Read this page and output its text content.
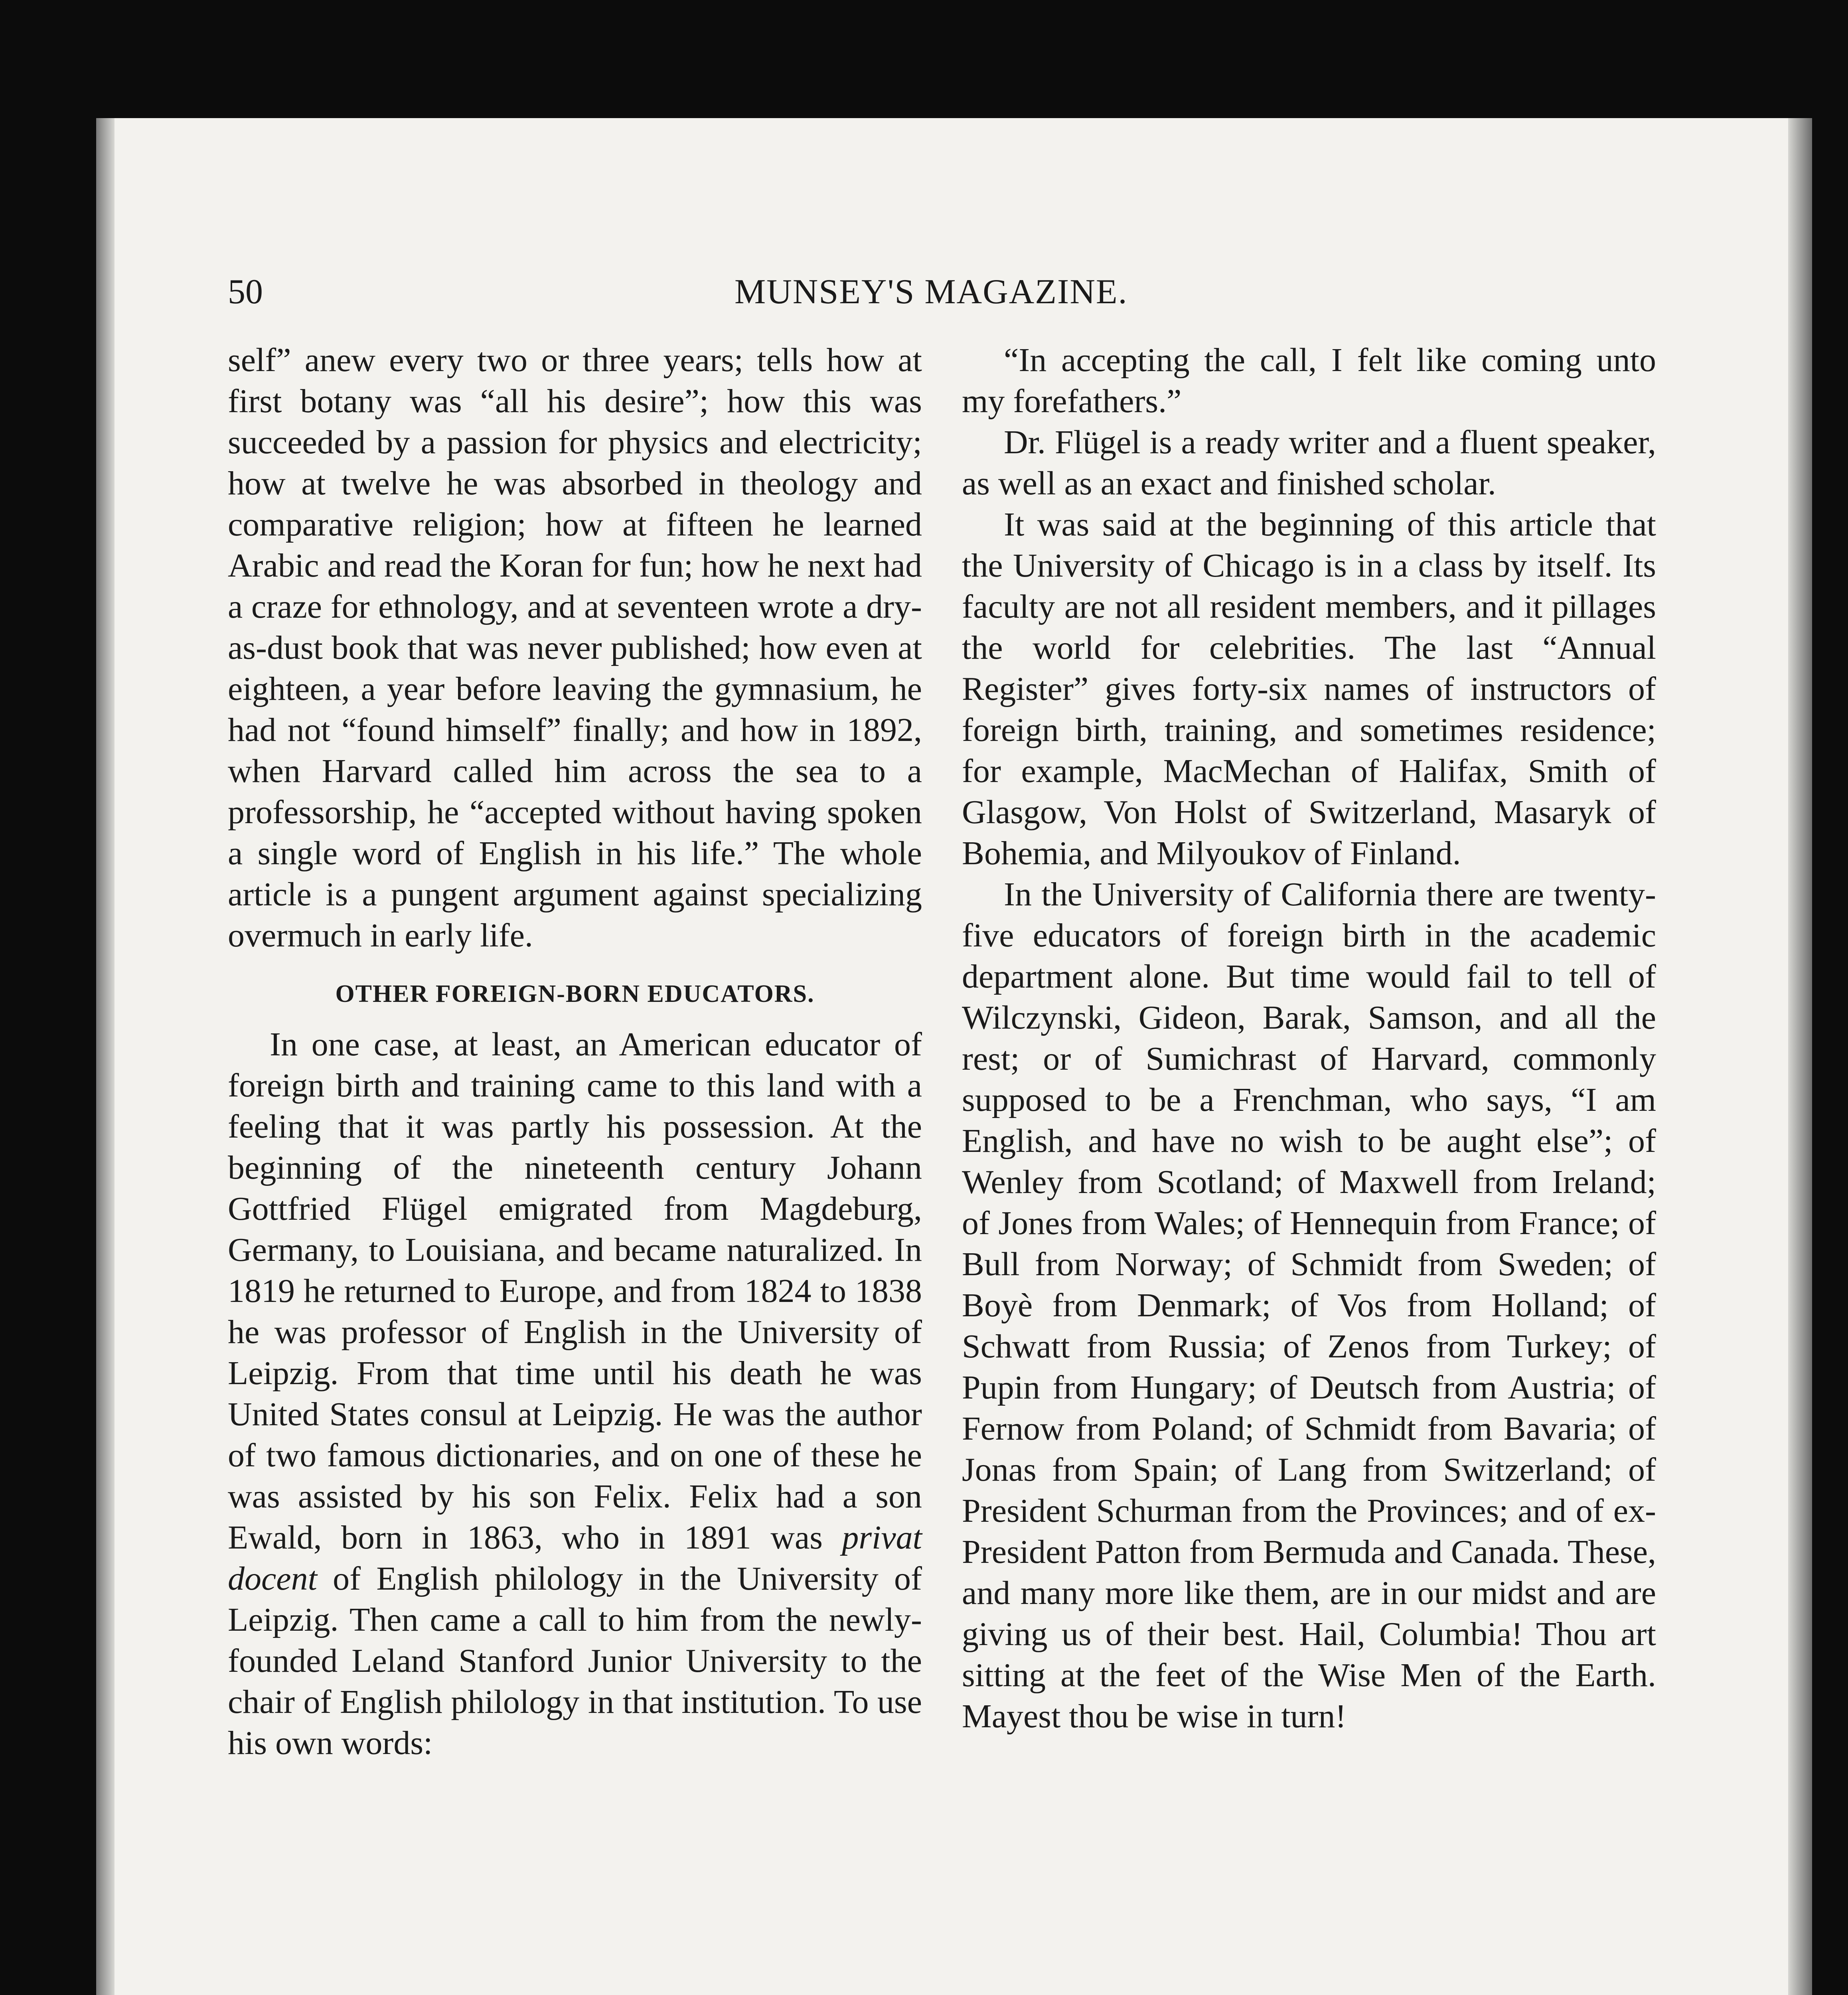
50	MUNSEY'S MAGAZINE.

self” anew every two or three years; tells how at first botany was “all his desire”; how this was succeeded by a passion for physics and electricity; how at twelve he was absorbed in theology and comparative religion; how at fifteen he learned Arabic and read the Koran for fun; how he next had a craze for ethnology, and at seventeen wrote a dry-as-dust book that was never published; how even at eighteen, a year before leaving the gymnasium, he had not “found himself” finally; and how in 1892, when Harvard called him across the sea to a professorship, he “accepted without having spoken a single word of English in his life.” The whole article is a pungent argument against specializing overmuch in early life.

OTHER FOREIGN-BORN EDUCATORS.

In one case, at least, an American educator of foreign birth and training came to this land with a feeling that it was partly his possession. At the beginning of the nineteenth century Johann Gottfried Flügel emigrated from Magdeburg, Germany, to Louisiana, and became naturalized. In 1819 he returned to Europe, and from 1824 to 1838 he was professor of English in the University of Leipzig. From that time until his death he was United States consul at Leipzig. He was the author of two famous dictionaries, and on one of these he was assisted by his son Felix. Felix had a son Ewald, born in 1863, who in 1891 was privat docent of English philology in the University of Leipzig. Then came a call to him from the newly-founded Leland Stanford Junior University to the chair of English philology in that institution. To use his own words:

“In accepting the call, I felt like coming unto my forefathers.”

Dr. Flügel is a ready writer and a fluent speaker, as well as an exact and finished scholar.

It was said at the beginning of this article that the University of Chicago is in a class by itself. Its faculty are not all resident members, and it pillages the world for celebrities. The last “Annual Register” gives forty-six names of instructors of foreign birth, training, and sometimes residence; for example, MacMechan of Halifax, Smith of Glasgow, Von Holst of Switzerland, Masaryk of Bohemia, and Milyoukov of Finland.

In the University of California there are twenty-five educators of foreign birth in the academic department alone. But time would fail to tell of Wilczynski, Gideon, Barak, Samson, and all the rest; or of Sumichrast of Harvard, commonly supposed to be a Frenchman, who says, “I am English, and have no wish to be aught else”; of Wenley from Scotland; of Maxwell from Ireland; of Jones from Wales; of Hennequin from France; of Bull from Norway; of Schmidt from Sweden; of Boyè from Denmark; of Vos from Holland; of Schwatt from Russia; of Zenos from Turkey; of Pupin from Hungary; of Deutsch from Austria; of Fernow from Poland; of Schmidt from Bavaria; of Jonas from Spain; of Lang from Switzerland; of President Schurman from the Provinces; and of ex-President Patton from Bermuda and Canada. These, and many more like them, are in our midst and are giving us of their best. Hail, Columbia! Thou art sitting at the feet of the Wise Men of the Earth. Mayest thou be wise in turn!
